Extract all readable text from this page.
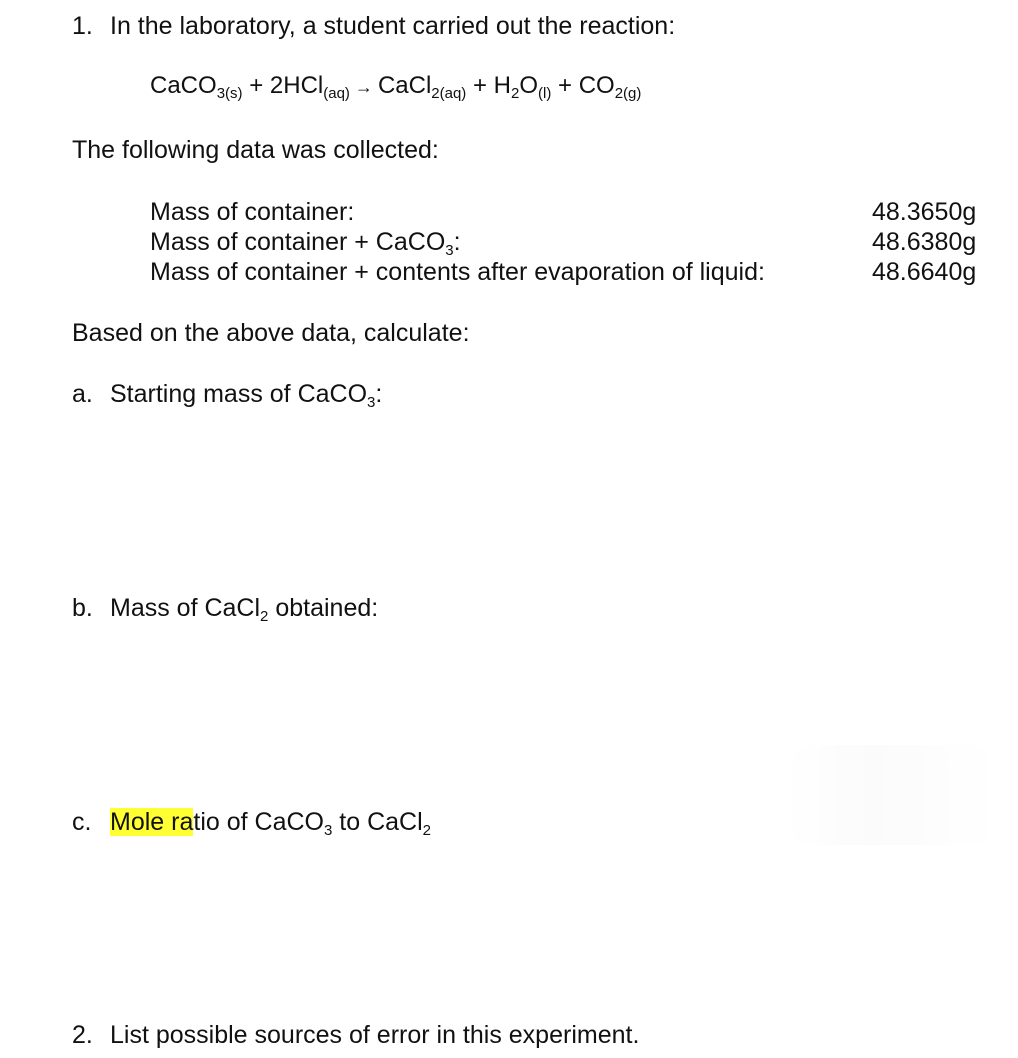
1. In the laboratory, a student carried out the reaction:
CaCO$_{3(s)}$ + 2HCl$_{(aq)}$ → CaCl$_{2(aq)}$ + $H_2O_{(l)} + CO_{2(g)}$
The following data was collected:
Mass of container:	48.3650g
Mass of container + CaCO$_3$:	48.6380g
Mass of container + contents after evaporation of liquid:	48.6640g
Based on the above data, calculate:
a. Starting mass of CaCO$_3$:
b. Mass of CaCl$_2$ obtained:
c. Mole ratio of CaCO$_3$ to CaCl$_2$
2. List possible sources of error in this experiment.
